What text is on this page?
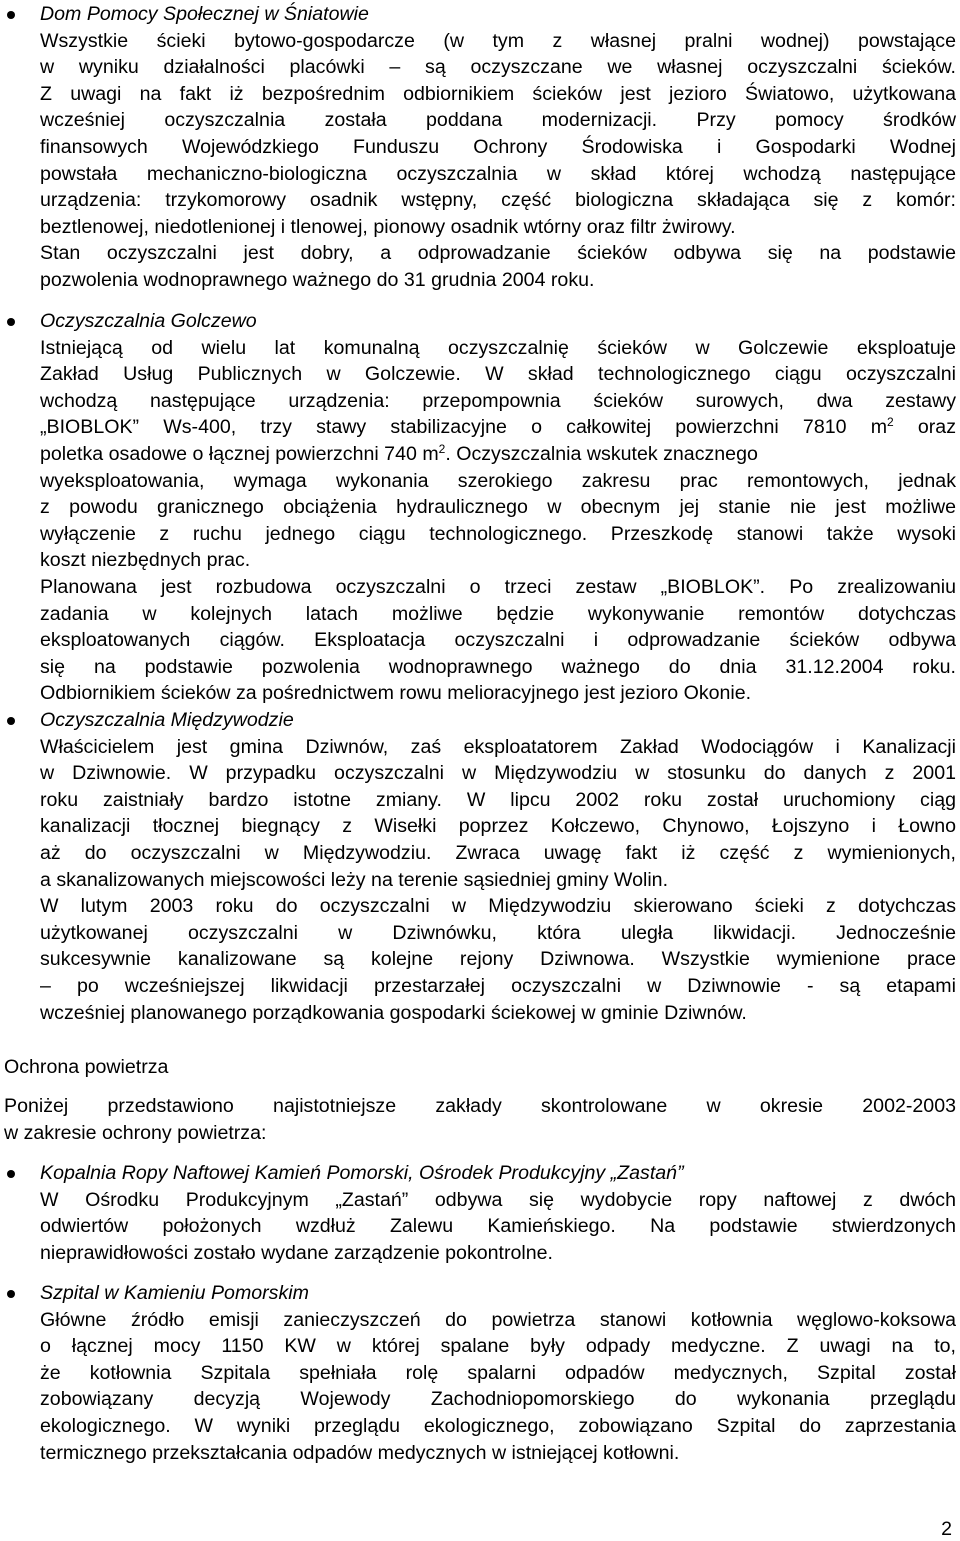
Dom Pomocy Społecznej w Śniatowie
Wszystkie ścieki bytowo-gospodarcze (w tym z własnej pralni wodnej) powstające
w wyniku działalności placówki – są oczyszczane we własnej oczyszczalni ścieków.
Z uwagi na fakt iż bezpośrednim odbiornikiem ścieków jest jezioro Światowo, użytkowana
wcześniej oczyszczalnia została poddana modernizacji. Przy pomocy środków
finansowych Wojewódzkiego Funduszu Ochrony Środowiska i Gospodarki Wodnej
powstała mechaniczno-biologiczna oczyszczalnia w skład której wchodzą następujące
urządzenia: trzykomorowy osadnik wstępny, część biologiczna składająca się z komór:
beztlenowej, niedotlenionej i tlenowej, pionowy osadnik wtórny oraz filtr żwirowy.
Stan oczyszczalni jest dobry, a odprowadzanie ścieków odbywa się na podstawie
pozwolenia wodnoprawnego ważnego do 31 grudnia 2004 roku.
Oczyszczalnia Golczewo
Istniejącą od wielu lat komunalną oczyszczalnię ścieków w Golczewie eksploatuje
Zakład Usług Publicznych w Golczewie. W skład technologicznego ciągu oczyszczalni
wchodzą następujące urządzenia: przepompownia ścieków surowych, dwa zestawy
„BIOBLOK” Ws-400, trzy stawy stabilizacyjne o całkowitej powierzchni 7810 $m^2$ oraz
poletka osadowe o łącznej powierzchni 740 $m^2$. Oczyszczalnia wskutek znacznego
wyeksploatowania, wymaga wykonania szerokiego zakresu prac remontowych, jednak
z powodu granicznego obciążenia hydraulicznego w obecnym jej stanie nie jest możliwe
wyłączenie z ruchu jednego ciągu technologicznego. Przeszkodę stanowi także wysoki
koszt niezbędnych prac.
Planowana jest rozbudowa oczyszczalni o trzeci zestaw „BIOBLOK”. Po zrealizowaniu
zadania w kolejnych latach możliwe będzie wykonywanie remontów dotychczas
eksploatowanych ciągów. Eksploatacja oczyszczalni i odprowadzanie ścieków odbywa
się na podstawie pozwolenia wodnoprawnego ważnego do dnia 31.12.2004 roku.
Odbiornikiem ścieków za pośrednictwem rowu melioracyjnego jest jezioro Okonie.
Oczyszczalnia Międzywodzie
Właścicielem jest gmina Dziwnów, zaś eksploatatorem Zakład Wodociągów i Kanalizacji
w Dziwnowie. W przypadku oczyszczalni w Międzywodziu w stosunku do danych z 2001
roku zaistniały bardzo istotne zmiany. W lipcu 2002 roku został uruchomiony ciąg
kanalizacji tłocznej biegnący z Wisełki poprzez Kołczewo, Chynowo, Łojszyno i Łowno
aż do oczyszczalni w Międzywodziu. Zwraca uwagę fakt iż część z wymienionych,
a skanalizowanych miejscowości leży na terenie sąsiedniej gminy Wolin.
W lutym 2003 roku do oczyszczalni w Międzywodziu skierowano ścieki z dotychczas
użytkowanej oczyszczalni w Dziwnówku, która uległa likwidacji. Jednocześnie
sukcesywnie kanalizowane są kolejne rejony Dziwnowa. Wszystkie wymienione prace
– po wcześniejszej likwidacji przestarzałej oczyszczalni w Dziwnowie - są etapami
wcześniej planowanego porządkowania gospodarki ściekowej w gminie Dziwnów.
Ochrona powietrza
Poniżej przedstawiono najistotniejsze zakłady skontrolowane w okresie 2002-2003
w zakresie ochrony powietrza:
Kopalnia Ropy Naftowej Kamień Pomorski, Ośrodek Produkcyjny „Zastań”
W Ośrodku Produkcyjnym „Zastań” odbywa się wydobycie ropy naftowej z dwóch
odwiertów położonych wzdłuż Zalewu Kamieńskiego. Na podstawie stwierdzonych
nieprawidłowości zostało wydane zarządzenie pokontrolne.
Szpital w Kamieniu Pomorskim
Główne źródło emisji zanieczyszczeń do powietrza stanowi kotłownia węglowo-koksowa
o łącznej mocy 1150 KW w której spalane były odpady medyczne. Z uwagi na to,
że kotłownia Szpitala spełniała rolę spalarni odpadów medycznych, Szpital został
zobowiązany decyzją Wojewody Zachodniopomorskiego do wykonania przeglądu
ekologicznego. W wyniki przeglądu ekologicznego, zobowiązano Szpital do zaprzestania
termicznego przekształcania odpadów medycznych w istniejącej kotłowni.
2
